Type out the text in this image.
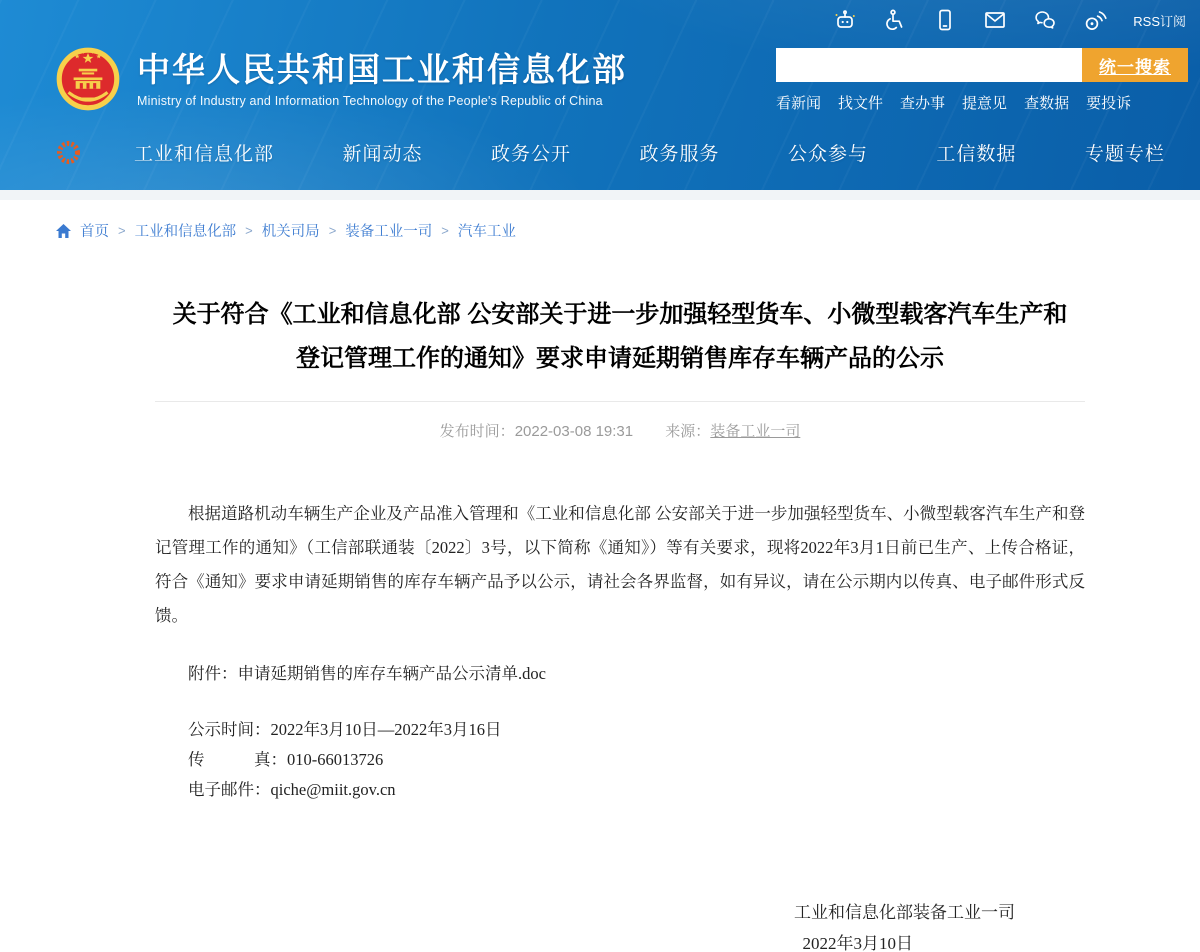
RSS订阅
中华人民共和国工业和信息化部
Ministry of Industry and Information Technology of the People's Republic of China
统一搜索
看新闻 找文件 查办事 提意见 查数据 要投诉
e	工业和信息化部	新闻动态	政务公开	政务服务	公众参与	工信数据	专题专栏
首页 > 工业和信息化部 > 机关司局 > 装备工业一司 > 汽车工业
关于符合《工业和信息化部 公安部关于进一步加强轻型货车、小微型载客汽车生产和登记管理工作的通知》要求申请延期销售库存车辆产品的公示
发布时间：2022-03-08 19:31 来源：装备工业一司

根据道路机动车辆生产企业及产品准入管理和《工业和信息化部 公安部关于进一步加强轻型货车、小微型载客汽车生产和登记管理工作的通知》（工信部联通装〔2022〕3号，以下简称《通知》）等有关要求，现将2022年3月1日前已生产、上传合格证，符合《通知》要求申请延期销售的库存车辆产品予以公示，请社会各界监督，如有异议，请在公示期内以传真、电子邮件形式反馈。

附件：申请延期销售的库存车辆产品公示清单.doc

公示时间：2022年3月10日—2022年3月16日

传　　　真：010-66013726

电子邮件：qiche@miit.gov.cn

工业和信息化部装备工业一司

2022年3月10日
